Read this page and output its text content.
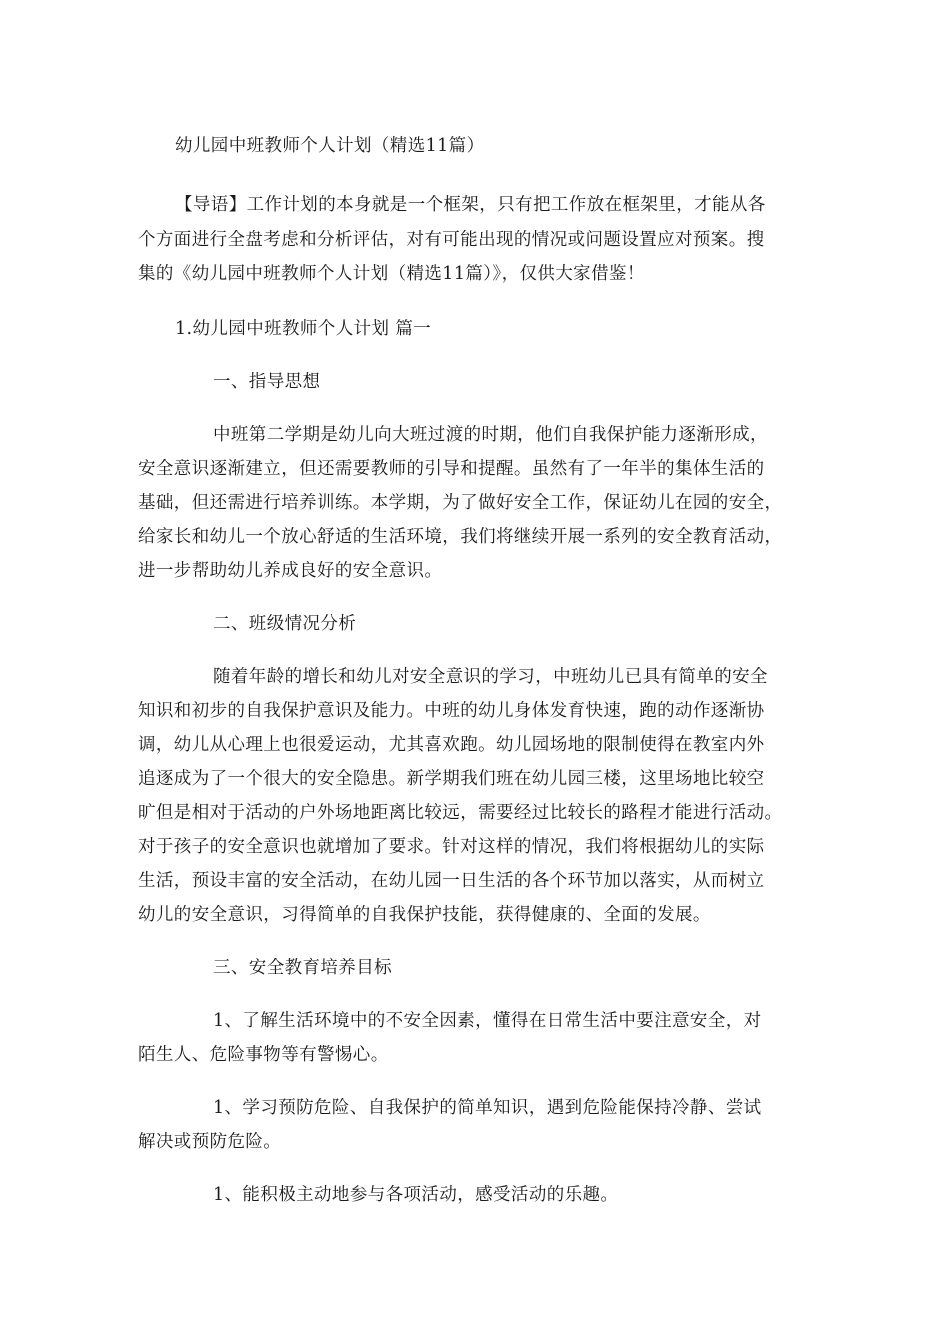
幼儿园中班教师个人计划（精选11篇）
【导语】工作计划的本身就是一个框架，只有把工作放在框架里，才能从各
个方面进行全盘考虑和分析评估，对有可能出现的情况或问题设置应对预案。搜
集的《幼儿园中班教师个人计划（精选11篇）》，仅供大家借鉴！
1.幼儿园中班教师个人计划 篇一
一、指导思想
中班第二学期是幼儿向大班过渡的时期，他们自我保护能力逐渐形成，
安全意识逐渐建立，但还需要教师的引导和提醒。虽然有了一年半的集体生活的
基础，但还需进行培养训练。本学期，为了做好安全工作，保证幼儿在园的安全，
给家长和幼儿一个放心舒适的生活环境，我们将继续开展一系列的安全教育活动，
进一步帮助幼儿养成良好的安全意识。
二、班级情况分析
随着年龄的增长和幼儿对安全意识的学习，中班幼儿已具有简单的安全
知识和初步的自我保护意识及能力。中班的幼儿身体发育快速，跑的动作逐渐协
调，幼儿从心理上也很爱运动，尤其喜欢跑。幼儿园场地的限制使得在教室内外
追逐成为了一个很大的安全隐患。新学期我们班在幼儿园三楼，这里场地比较空
旷但是相对于活动的户外场地距离比较远，需要经过比较长的路程才能进行活动。
对于孩子的安全意识也就增加了要求。针对这样的情况，我们将根据幼儿的实际
生活，预设丰富的安全活动，在幼儿园一日生活的各个环节加以落实，从而树立
幼儿的安全意识，习得简单的自我保护技能，获得健康的、全面的发展。
三、安全教育培养目标
1、了解生活环境中的不安全因素，懂得在日常生活中要注意安全，对
陌生人、危险事物等有警惕心。
1、学习预防危险、自我保护的简单知识，遇到危险能保持冷静、尝试
解决或预防危险。
1、能积极主动地参与各项活动，感受活动的乐趣。
